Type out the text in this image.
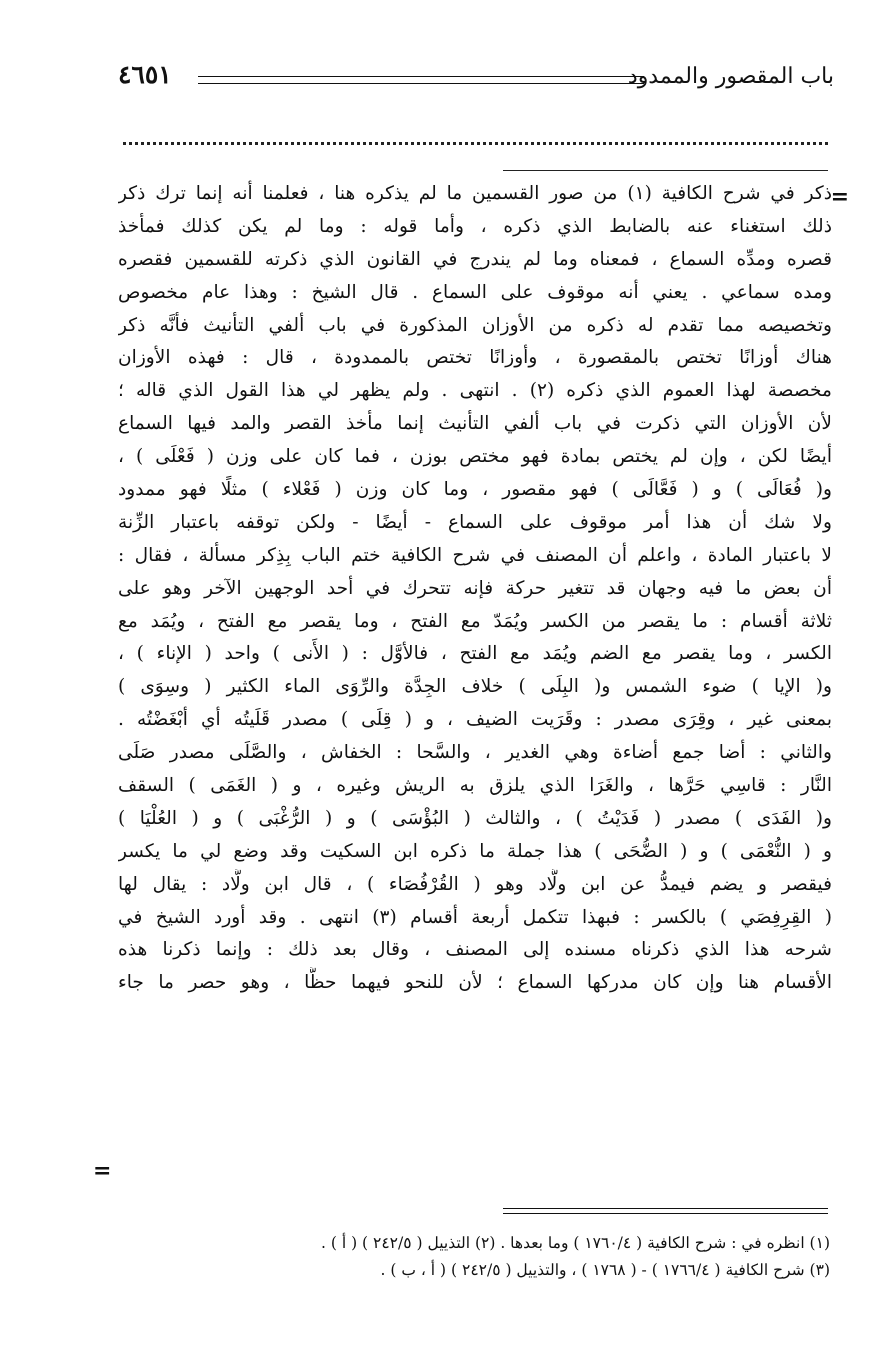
باب المقصور والممدود
٤٦٥١
=
ذكر في شرح الكافية (١) من صور القسمين ما لم يذكره هنا ، فعلمنا أنه إنما ترك ذكر
ذلك استغناء عنه بالضابط الذي ذكره ، وأما قوله : وما لم يكن كذلك فمأخذ
قصره ومدِّه السماع ، فمعناه وما لم يندرج في القانون الذي ذكرته للقسمين فقصره
ومده سماعي . يعني أنه موقوف على السماع . قال الشيخ : وهذا عام مخصوص
وتخصيصه مما تقدم له ذكره من الأوزان المذكورة في باب ألفي التأنيث فأنَّه ذكر
هناك أوزانًا تختص بالمقصورة ، وأوزانًا تختص بالممدودة ، قال : فهذه الأوزان
مخصصة لهذا العموم الذي ذكره (٢) . انتهى . ولم يظهر لي هذا القول الذي قاله ؛
لأن الأوزان التي ذكرت في باب ألفي التأنيث إنما مأخذ القصر والمد فيها السماع
أيضًا لكن ، وإن لم يختص بمادة فهو مختص بوزن ، فما كان على وزن ( فَعْلَى ) ،
و( فُعَالَى ) و ( فَعَّالَى ) فهو مقصور ، وما كان وزن ( فَعْلاء ) مثلًا فهو ممدود
ولا شك أن هذا أمر موقوف على السماع - أيضًا - ولكن توقفه باعتبار الزِّنة
لا باعتبار المادة ، واعلم أن المصنف في شرح الكافية ختم الباب بِذِكر مسألة ، فقال :
أن بعض ما فيه وجهان قد تتغير حركة فإنه تتحرك في أحد الوجهين الآخر وهو على
ثلاثة أقسام : ما يقصر من الكسر ويُمَدّ مع الفتح ، وما يقصر مع الفتح ، ويُمَد مع
الكسر ، وما يقصر مع الضم ويُمَد مع الفتح ، فالأوَّل : ( الأَنى ) واحد ( الإناء ) ،
و( الإيا ) ضوء الشمس و( البِلَى ) خلاف الجِدَّة والرِّوَى الماء الكثير ( وسِوَى )
بمعنى غير ، وقِرَى مصدر : وقَرَيت الضيف ، و ( قِلَى ) مصدر قَلَيتُه أي أبْغَضْتُه .
والثاني : أضا جمع أضاءة وهي الغدير ، والسَّحا : الخفاش ، والصَّلَى مصدر صَلَى
النَّار : قاسِي حَرَّها ، والغَرَا الذي يلزق به الريش وغيره ، و ( الغَمَى ) السقف
و( الفَدَى ) مصدر ( فَدَيْتُ ) ، والثالث ( البُؤْسَى ) و ( الرُّغْبَى ) و ( العُلْيَا )
و ( النُّعْمَى ) و ( الضُّحَى ) هذا جملة ما ذكره ابن السكيت وقد وضع لي ما يكسر
فيقصر و يضم فيمدُّ عن ابن ولَّاد وهو ( القُرْفُصَاء ) ، قال ابن ولَّاد : يقال لها
( القِرِفِصَي ) بالكسر : فبهذا تتكمل أربعة أقسام (٣) انتهى . وقد أورد الشيخ في
شرحه هذا الذي ذكرناه مسنده إلى المصنف ، وقال بعد ذلك : وإنما ذكرنا هذه
الأقسام هنا وإن كان مدركها السماع ؛ لأن للنحو فيهما حظًّا ، وهو حصر ما جاء
=
(١) انظره في : شرح الكافية ( ١٧٦٠/٤ ) وما بعدها . (٢) التذييل ( ٢٤٢/٥ ) ( أ ) .
(٣) شرح الكافية ( ١٧٦٦/٤ ) - ( ١٧٦٨ ) ، والتذييل ( ٢٤٢/٥ ) ( أ ، ب ) .
